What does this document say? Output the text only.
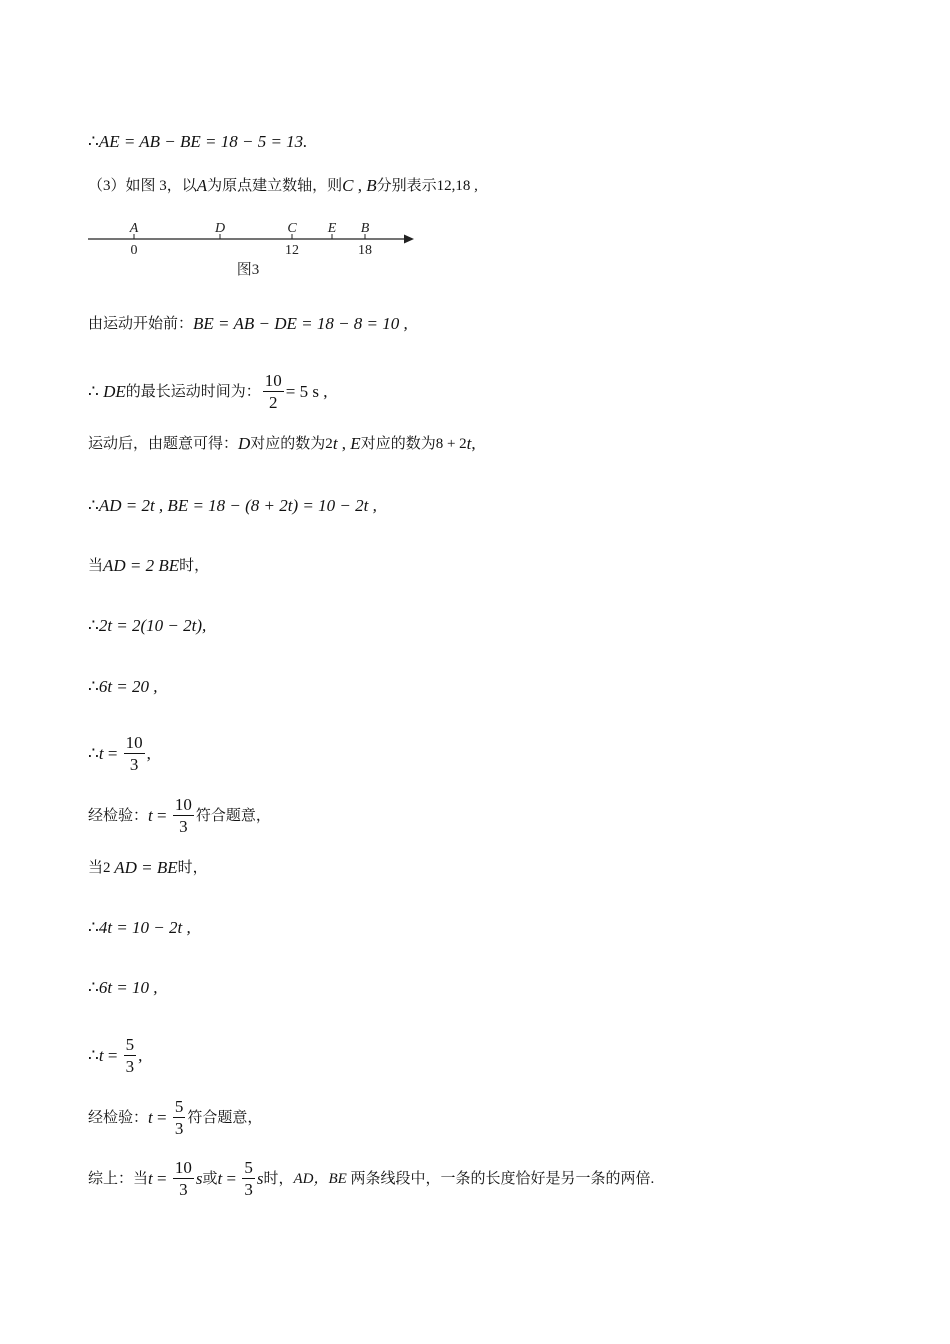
∴ AE = AB − BE = 18 − 5 = 13.
（3）如图 3，以 A 为原点建立数轴，则 C , B 分别表示12,18 ,
A	D	C E B
0	12	18
图3
由运动开始前： BE = AB − DE = 18 − 8 = 10 ,
∴ DE 的最长运动时间为： $\frac{10}{2} = 5$ s ,
运动后，由题意可得： D 对应的数为2 t , E 对应的数为8 + 2 t ,
∴ AD = 2t , BE = 18 − (8 + 2t) = 10 − 2t ,
当 AD = 2 BE 时，
∴ 2t = 2(10 − 2t),
∴ 6t = 20 ,
∴ $t = \frac{10}{3}$ ,
经检验： $t = \frac{10}{3}$ 符合题意，
当2 AD = BE 时，
∴ 4t = 10 − 2t ,
∴ 6t = 10 ,
∴ $t = \frac{5}{3}$ ,
经检验： $t = \frac{5}{3}$ 符合题意，
综上：当 $t = \frac{10}{3}$ s 或 $t = \frac{5}{3}$ s 时， AD，BE 两条线段中，一条的长度恰好是另一条的两倍.
